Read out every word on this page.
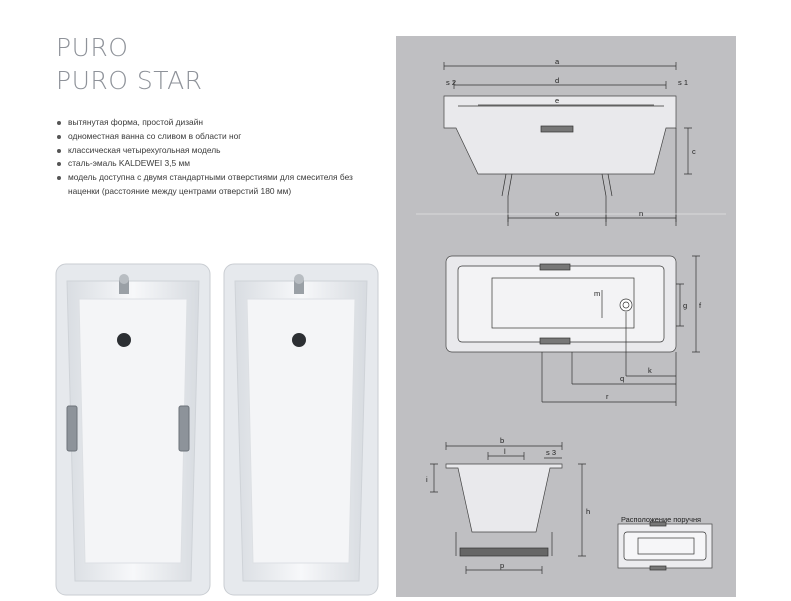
PURO
PURO STAR
вытянутая форма, простой дизайн
одноместная ванна со сливом в области ног
классическая четырехугольная модель
сталь-эмаль KALDEWEI 3,5 мм
модель доступна с двумя стандартными отверстиями для смесителя без наценки (расстояние между центрами отверстий 180 мм)
a
d
e
s 2	s 1
c
o	n
m
g f
k
q
r
b
l	s 3
i
h
p
Расположение поручня
